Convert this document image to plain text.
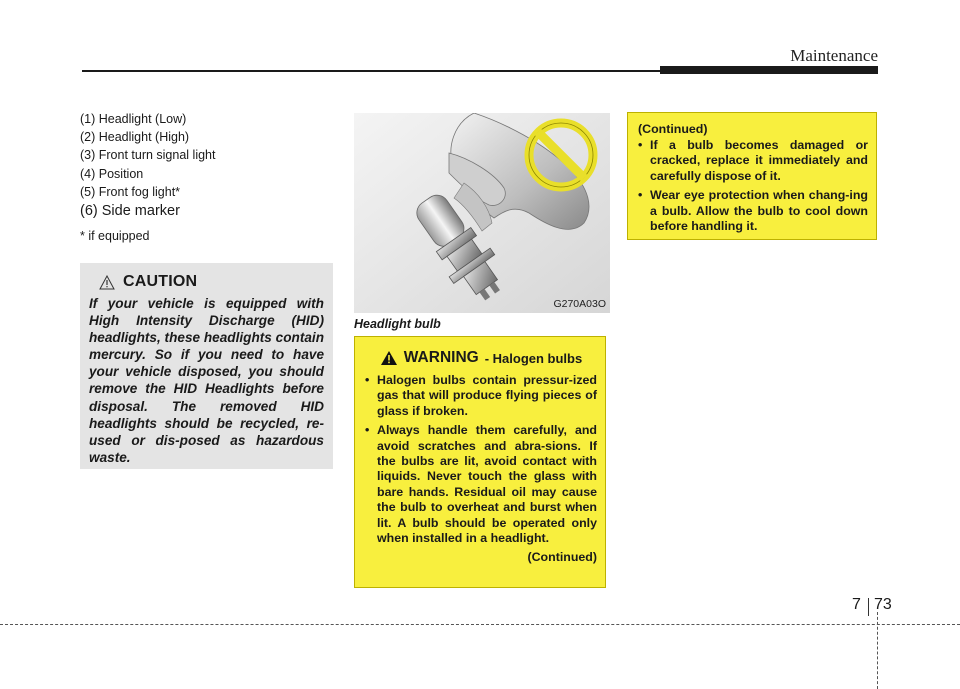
Maintenance
(1) Headlight (Low)
(2) Headlight (High)
(3) Front turn signal light
(4) Position
(5) Front fog light*
(6) Side marker
* if equipped
CAUTION
If your vehicle is equipped with High Intensity Discharge (HID) headlights, these headlights contain mercury. So if you need to have your vehicle disposed, you should remove the HID Headlights before disposal. The removed HID headlights should be recycled, re-used or dis-posed as hazardous waste.
G270A03O
Headlight bulb
WARNING - Halogen bulbs
• Halogen bulbs contain pressur-ized gas that will produce flying pieces of glass if broken.
• Always handle them carefully, and avoid scratches and abra-sions. If the bulbs are lit, avoid contact with liquids. Never touch the glass with bare hands. Residual oil may cause the bulb to overheat and burst when lit. A bulb should be operated only when installed in a headlight.
(Continued)
(Continued)
• If a bulb becomes damaged or cracked, replace it immediately and carefully dispose of it.
• Wear eye protection when chang-ing a bulb. Allow the bulb to cool down before handling it.
7 73
